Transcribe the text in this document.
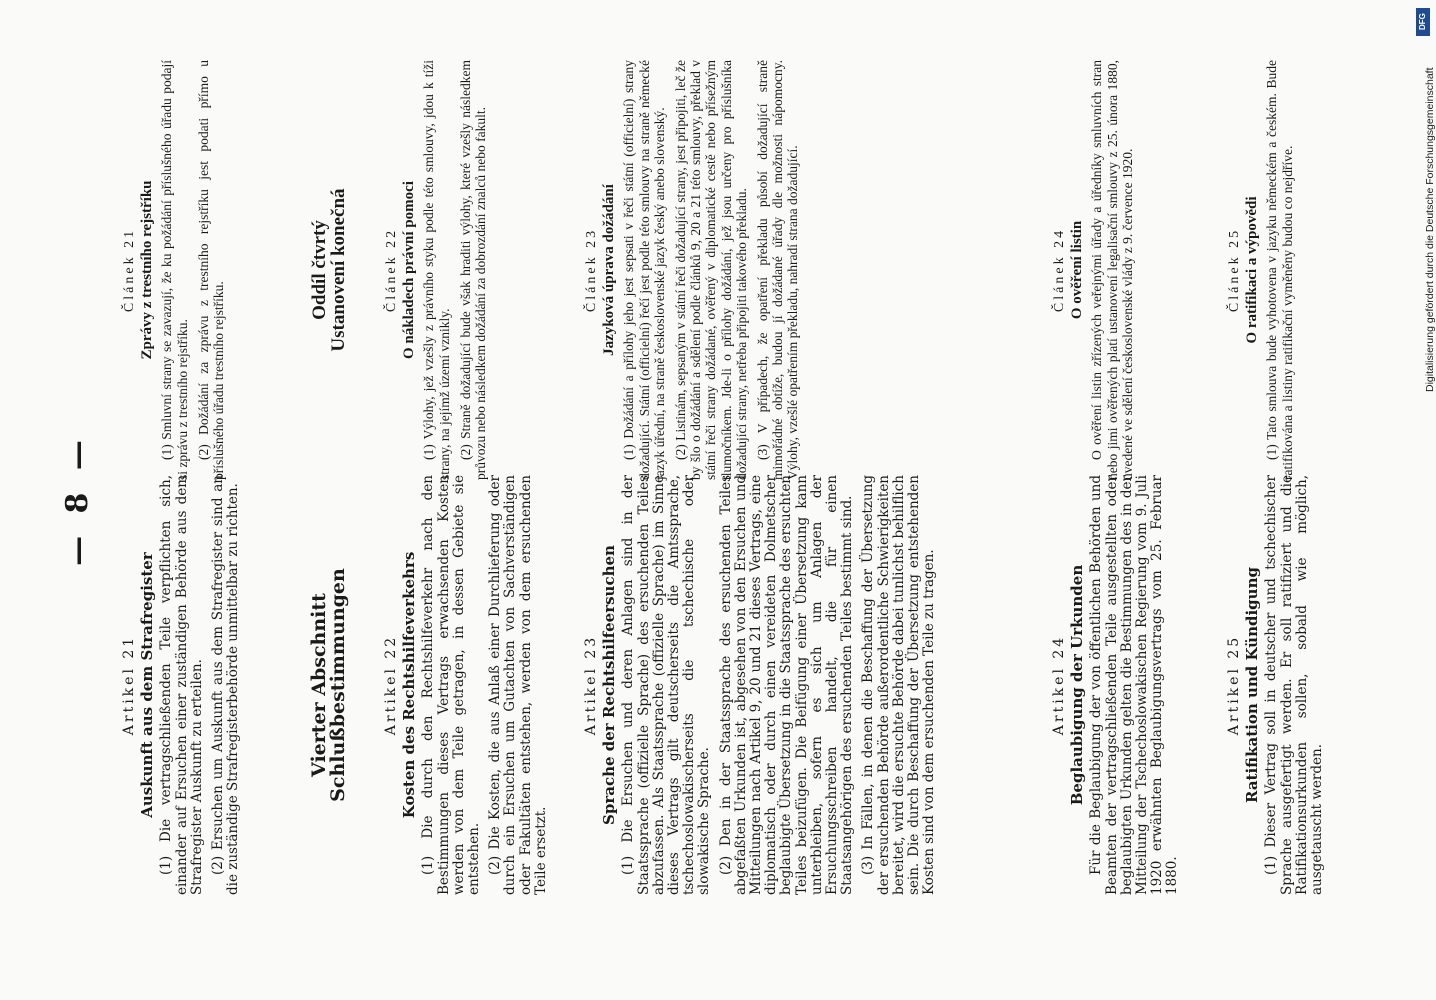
— 8 —
Artikel 21 Auskunft aus dem Strafregister (1) Die vertragschließenden Teile verpflichten sich, einander auf Ersuchen einer zuständigen Behörde aus dem Strafregister Auskunft zu erteilen. (2) Ersuchen um Auskunft aus dem Strafregister sind an die zuständige Strafregisterbehörde unmittelbar zu richten.	Vierter Abschnitt
Schlußbestimmungen Artikel 22 Kosten des Rechtshilfeverkehrs (1) Die durch den Rechtshilfeverkehr nach den Bestimmungen dieses Vertrags erwachsenden Kosten werden von dem Teile getragen, in dessen Gebiete sie entstehen. (2) Die Kosten, die aus Anlaß einer Durchlieferung oder durch ein Ersuchen um Gutachten von Sachverständigen oder Fakultäten entstehen, werden von dem ersuchenden Teile ersetzt.

Artikel 23 Sprache der Rechtshilfeersuchen (1) Die Ersuchen und deren Anlagen sind in der Staatssprache (offizielle Sprache) des ersuchenden Teiles abzufassen. Als Staatssprache (offizielle Sprache) im Sinne dieses Vertrags gilt deutscherseits die Amtssprache, tschechoslowakischerseits die tschechische oder slowakische Sprache. (2) Den in der Staatssprache des ersuchenden Teiles abgefaßten Urkunden ist, abgesehen von den Ersuchen und Mitteilungen nach Artikel 9, 20 und 21 dieses Vertrags, eine diplomatisch oder durch einen vereideten Dolmetscher beglaubigte Übersetzung in die Staatssprache des ersuchten Teiles beizufügen. Die Beifügung einer Übersetzung kann unterbleiben, sofern es sich um Anlagen der Ersuchungsschreiben handelt, die für einen Staatsangehörigen des ersuchenden Teiles bestimmt sind. (3) In Fällen, in denen die Beschaffung der Übersetzung der ersuchenden Behörde außerordentliche Schwierigkeiten bereitet, wird die ersuchte Behörde dabei tunlichst behilflich sein. Die durch Beschaffung der Übersetzung entstehenden Kosten sind von dem ersuchenden Teile zu tragen.	Artikel 24 Beglaubigung der Urkunden Für die Beglaubigung der von öffentlichen Behörden und Beamten der vertragschließenden Teile ausgestellten oder beglaubigten Urkunden gelten die Bestimmungen des in der Mitteilung der Tschechoslowakischen Regierung vom 9. Juli 1920 erwähnten Beglaubigungsvertrags vom 25. Februar 1880.

Artikel 25 Ratifikation und Kündigung (1) Dieser Vertrag soll in deutscher und tschechischer Sprache ausgefertigt werden. Er soll ratifiziert und die Ratifikationsurkunden sollen, sobald wie möglich, ausgetauscht werden.

Článek 21 Zprávy z trestního rejstříku (1) Smluvní strany se zavazují, že ku požádání příslušného úřadu podají si zprávu z trestního rejstříku. (2) Dožádání za zprávu z trestního rejstříku jest podati přímo u příslušného úřadu trestního rejstříku.

Oddíl čtvrtý
Ustanovení konečná Článek 22 O nákladech právní pomoci (1) Výlohy, jež vzešly z právního styku podle této smlouvy, jdou k tíži strany, na jejímž území vznikly. (2) Straně dožadující bude však hraditi výlohy, které vzešly následkem průvozu nebo následkem dožádání za dobrozdání znalců nebo fakult.	Článek 23 Jazyková úprava dožádání (1) Dožádání a přílohy jeho jest sepsati v řeči státní (officielní) strany dožadující. Státní (officielní) řečí jest podle této smlouvy na straně německé jazyk úřední, na straně československé jazyk český anebo slovenský. (2) Listinám, sepsaným v státní řeči dožadující strany, jest připojiti, leč že by šlo o dožádání a sdělení podle článků 9, 20 a 21 této smlouvy, překlad v státní řeči strany dožádané, ověřený v diplomatické cestě nebo přísežným tlumočníkem. Jde-li o přílohy dožádání, jež jsou určeny pro příslušníka dožadující strany, netřeba připojiti takového překladu. (3) V případech, že opatření překladu působí dožadující straně mimořádné obtíže, budou jí dožádané úřady dle možnosti nápomocny. Výlohy, vzešlé opatřením překladu, nahradí strana dožadující.	Článek 24 O ověření listin O ověření listin zřízených veřejnými úřady a úředníky smluvních stran nebo jimi ověřených platí ustanovení legalisační smlouvy z 25. února 1880, uvedené ve sdělení československé vlády z 9. července 1920.	Článek 25 O ratifikaci a výpovědi (1) Tato smlouva bude vyhotovena v jazyku německém a českém. Bude ratifikována a listiny ratifikační vyměněny budou co nejdříve.	Digitalisierung gefördert durch die Deutsche Forschungsgemeinschaft
DFG
